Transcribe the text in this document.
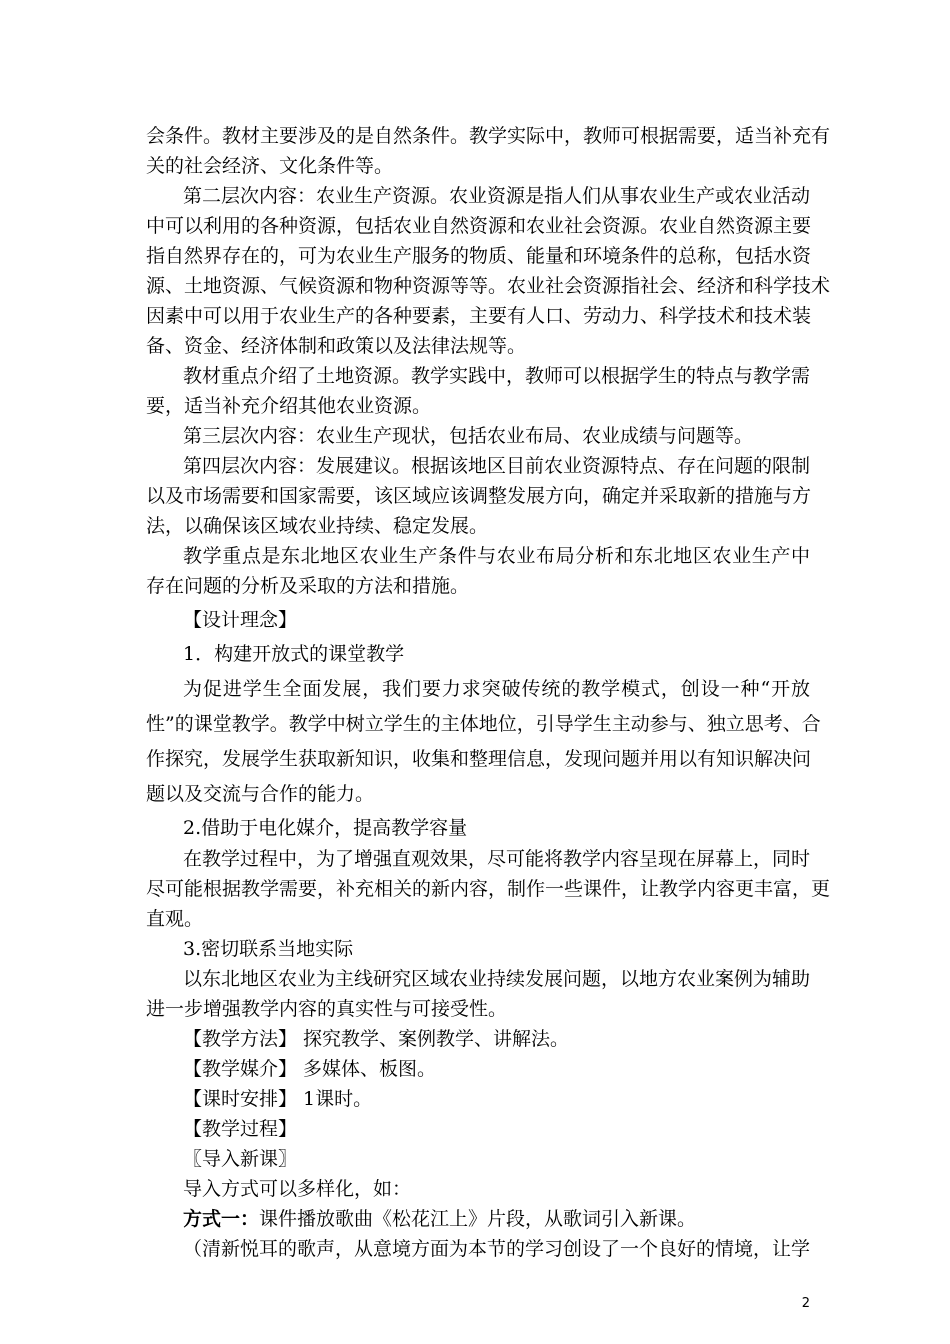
会条件。教材主要涉及的是自然条件。教学实际中，教师可根据需要，适当补充有
关的社会经济、文化条件等。
第二层次内容：农业生产资源。农业资源是指人们从事农业生产或农业活动
中可以利用的各种资源，包括农业自然资源和农业社会资源。农业自然资源主要
指自然界存在的，可为农业生产服务的物质、能量和环境条件的总称，包括水资
源、土地资源、气候资源和物种资源等等。农业社会资源指社会、经济和科学技术
因素中可以用于农业生产的各种要素，主要有人口、劳动力、科学技术和技术装
备、资金、经济体制和政策以及法律法规等。
教材重点介绍了土地资源。教学实践中，教师可以根据学生的特点与教学需
要，适当补充介绍其他农业资源。
第三层次内容：农业生产现状，包括农业布局、农业成绩与问题等。
第四层次内容：发展建议。根据该地区目前农业资源特点、存在问题的限制
以及市场需要和国家需要，该区域应该调整发展方向，确定并采取新的措施与方
法，以确保该区域农业持续、稳定发展。
教学重点是东北地区农业生产条件与农业布局分析和东北地区农业生产中
存在问题的分析及采取的方法和措施。
【设计理念】
1．构建开放式的课堂教学
为促进学生全面发展，我们要力求突破传统的教学模式，创设一种“开放
性”的课堂教学。教学中树立学生的主体地位，引导学生主动参与、独立思考、合
作探究，发展学生获取新知识，收集和整理信息，发现问题并用以有知识解决问
题以及交流与合作的能力。
2.借助于电化媒介，提高教学容量
在教学过程中，为了增强直观效果，尽可能将教学内容呈现在屏幕上，同时
尽可能根据教学需要，补充相关的新内容，制作一些课件，让教学内容更丰富，更
直观。
3.密切联系当地实际
以东北地区农业为主线研究区域农业持续发展问题，以地方农业案例为辅助
进一步增强教学内容的真实性与可接受性。
【教学方法】 探究教学、案例教学、讲解法。
【教学媒介】 多媒体、板图。
【课时安排】 1课时。
【教学过程】
〖导入新课〗
导入方式可以多样化，如：
方式一：课件播放歌曲《松花江上》片段，从歌词引入新课。
（清新悦耳的歌声，从意境方面为本节的学习创设了一个良好的情境，让学
2
